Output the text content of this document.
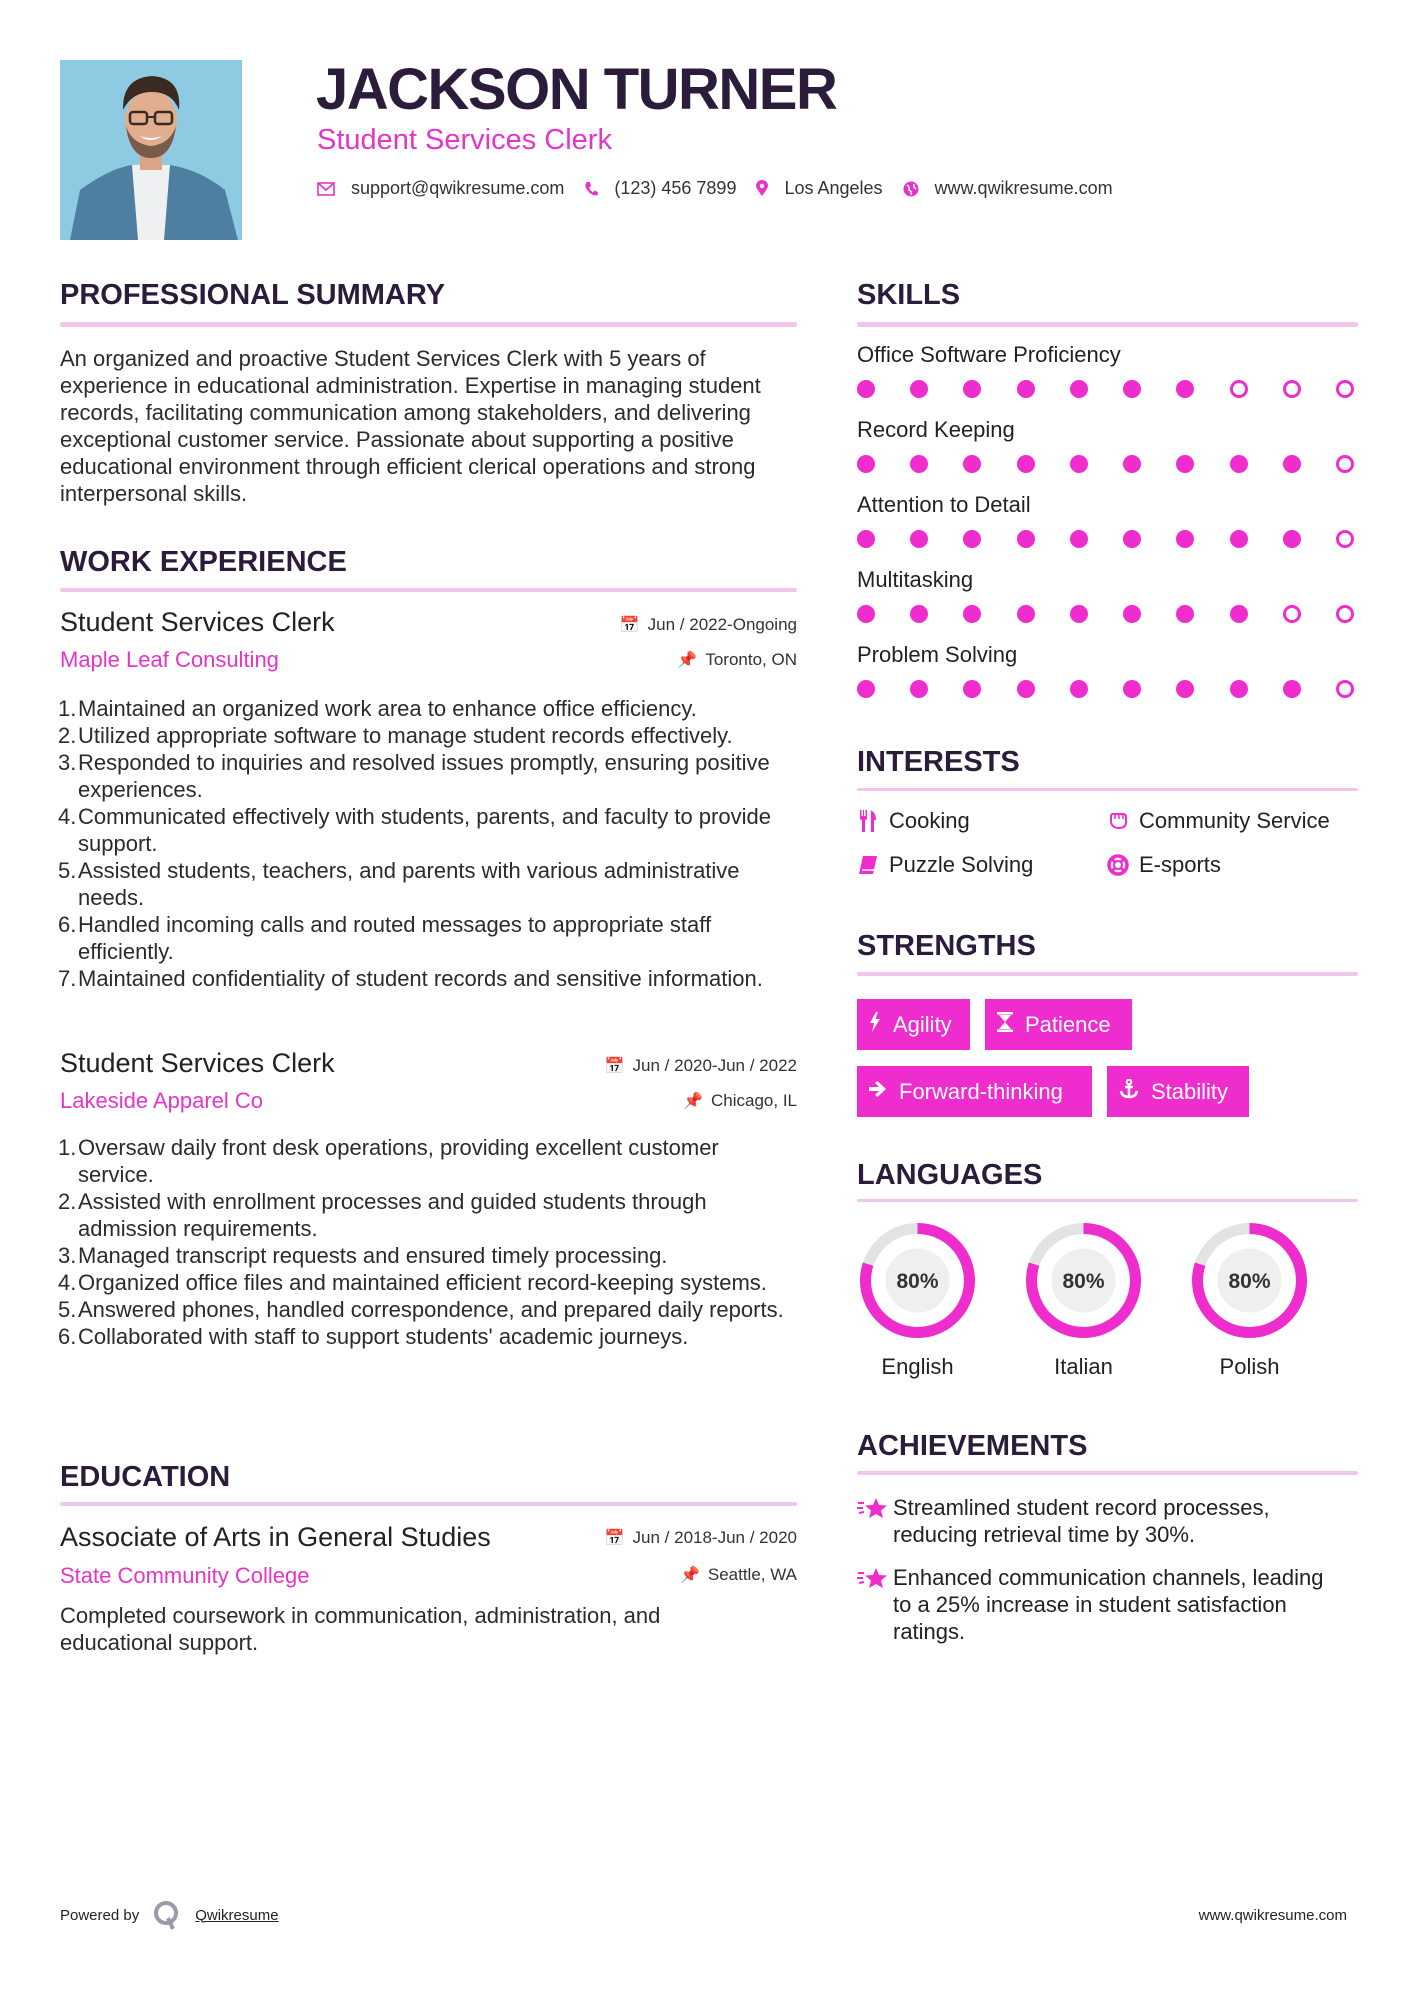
JACKSON TURNER
Student Services Clerk
support@qwikresume.com	(123) 456 7899	Los Angeles	www.qwikresume.com
PROFESSIONAL SUMMARY
An organized and proactive Student Services Clerk with 5 years of experience in educational administration. Expertise in managing student records, facilitating communication among stakeholders, and delivering exceptional customer service. Passionate about supporting a positive educational environment through efficient clerical operations and strong interpersonal skills.
WORK EXPERIENCE
Student Services Clerk	📅 Jun / 2022-Ongoing
Maple Leaf Consulting	📌 Toronto, ON
Maintained an organized work area to enhance office efficiency.
Utilized appropriate software to manage student records effectively.
Responded to inquiries and resolved issues promptly, ensuring positive experiences.
Communicated effectively with students, parents, and faculty to provide support.
Assisted students, teachers, and parents with various administrative needs.
Handled incoming calls and routed messages to appropriate staff efficiently.
Maintained confidentiality of student records and sensitive information.
Student Services Clerk	📅 Jun / 2020-Jun / 2022
Lakeside Apparel Co	📌 Chicago, IL
Oversaw daily front desk operations, providing excellent customer service.
Assisted with enrollment processes and guided students through admission requirements.
Managed transcript requests and ensured timely processing.
Organized office files and maintained efficient record-keeping systems.
Answered phones, handled correspondence, and prepared daily reports.
Collaborated with staff to support students' academic journeys.
EDUCATION
Associate of Arts in General Studies	📅 Jun / 2018-Jun / 2020
State Community College	📌 Seattle, WA
Completed coursework in communication, administration, and educational support.
SKILLS
Office Software Proficiency
Record Keeping
Attention to Detail
Multitasking
Problem Solving
INTERESTS
Cooking	Community Service
Puzzle Solving	E-sports
STRENGTHS
Agility	Patience
Forward-thinking	Stability
LANGUAGES
80%
English
80%
Italian
80%
Polish
ACHIEVEMENTS
Streamlined student record processes, reducing retrieval time by 30%.
Enhanced communication channels, leading to a 25% increase in student satisfaction ratings.
Powered by	Qwikresume	www.qwikresume.com
